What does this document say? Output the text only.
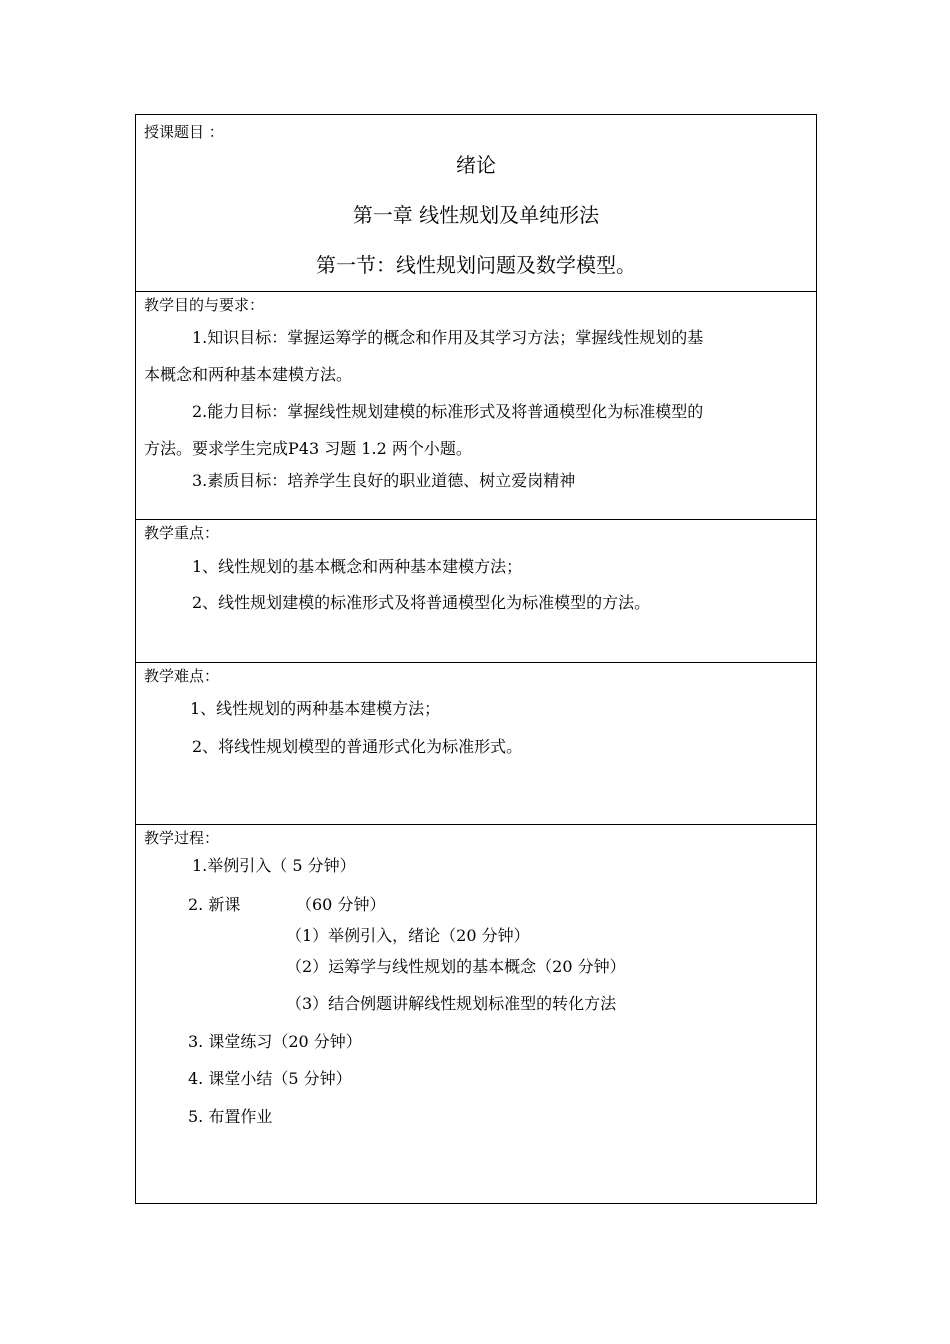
授课题目 ：
绪论
第一章 线性规划及单纯形法
第一节：线性规划问题及数学模型。
教学目的与要求：
1.知识目标：掌握运筹学的概念和作用及其学习方法；掌握线性规划的基
本概念和两种基本建模方法。
2.能力目标：掌握线性规划建模的标准形式及将普通模型化为标准模型的
方法。要求学生完成P43 习题 1.2 两个小题。
3.素质目标：培养学生良好的职业道德、树立爱岗精神
教学重点：
1、线性规划的基本概念和两种基本建模方法；
2、线性规划建模的标准形式及将普通模型化为标准模型的方法。
教学难点：
1、线性规划的两种基本建模方法；
2、将线性规划模型的普通形式化为标准形式。
教学过程：
1.举例引入（ 5 分钟）
2. 新课	（60 分钟）
（1）举例引入，绪论（20 分钟）
（2）运筹学与线性规划的基本概念（20 分钟）
（3）结合例题讲解线性规划标准型的转化方法
3. 课堂练习（20 分钟）
4. 课堂小结（5 分钟）
5. 布置作业
